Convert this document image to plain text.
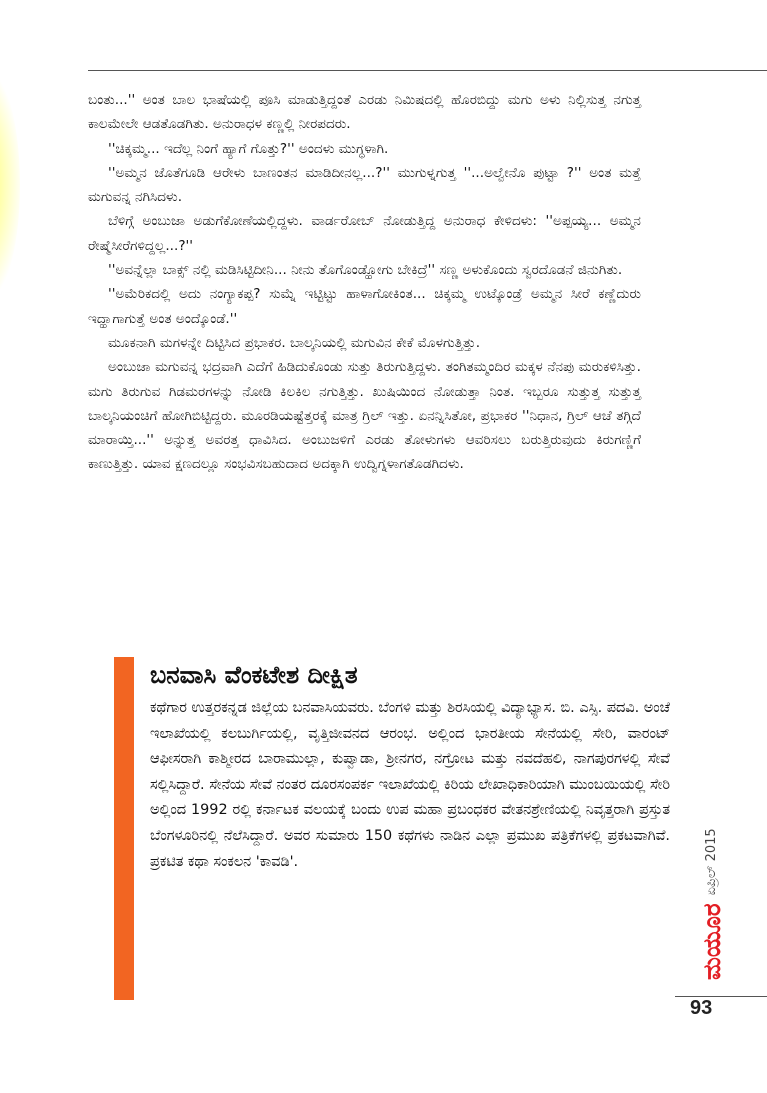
ಬಂತು...'' ಅಂತ ಬಾಲ ಭಾಷೆಯಲ್ಲಿ ಪೂಸಿ ಮಾಡುತ್ತಿದ್ದಂತೆ ಎರಡು ನಿಮಿಷದಲ್ಲಿ ಹೊರಬಿದ್ದು ಮಗು ಅಳು ನಿಲ್ಲಿಸುತ್ತ ನಗುತ್ತ ಕಾಲಮೇಲೇ ಆಡತೊಡಗಿತು. ಅನುರಾಧಳ ಕಣ್ಣಲ್ಲಿ ನೀರಪದರು.

''ಚಿಕ್ಕಮ್ಮ... ಇದೆಲ್ಲ ನಿಂಗೆ ಹ್ಯಾಗೆ ಗೊತ್ತು?'' ಅಂದಳು ಮುಗ್ಧಳಾಗಿ.

''ಅಮ್ಮನ ಜೊತೆಗೂಡಿ ಆರೇಳು ಬಾಣಂತನ ಮಾಡಿದೀನಲ್ಲ...?'' ಮುಗುಳ್ನಗುತ್ತ ''...ಅಲ್ವೇನೊ ಪುಟ್ಟಾ ?'' ಅಂತ ಮತ್ತೆ ಮಗುವನ್ನ ನಗಿಸಿದಳು.

ಬೆಳಿಗ್ಗೆ ಅಂಬುಜಾ ಅಡುಗೆಕೋಣೆಯಲ್ಲಿದ್ದಳು. ವಾರ್ಡರೋಬ್ ನೋಡುತ್ತಿದ್ದ ಅನುರಾಧ ಕೇಳಿದಳು: ''ಅಪ್ಪಯ್ಯ... ಅಮ್ಮನ ರೇಷ್ಮೆಸೀರೆಗಳಿದ್ದಲ್ಲ...?''

''ಅವನ್ನೆಲ್ಲಾ ಬಾಕ್ಸ್ ನಲ್ಲಿ ಮಡಿಸಿಟ್ಟಿದೀನಿ... ನೀನು ತೊಗೊಂಡ್ಹೋಗು ಬೇಕಿದ್ರೆ'' ಸಣ್ಣ ಅಳುಕೊಂದು ಸ್ವರದೊಡನೆ ಜಿನುಗಿತು.

''ಅಮೆರಿಕದಲ್ಲಿ ಅದು ನಂಗ್ಯಾಕಪ್ಪ? ಸುಮ್ನೆ ಇಟ್ಟಿಟ್ಟು ಹಾಳಾಗೋಕಿಂತ... ಚಿಕ್ಕಮ್ಮ ಉಟ್ಕೊಂಡ್ರೆ ಅಮ್ಮನ ಸೀರೆ ಕಣ್ಣೆದುರು ಇದ್ಹಾಗಾಗುತ್ತೆ ಅಂತ ಅಂದ್ಕೊಂಡೆ.''

ಮೂಕನಾಗಿ ಮಗಳನ್ನೇ ದಿಟ್ಟಿಸಿದ ಪ್ರಭಾಕರ. ಬಾಲ್ಕನಿಯಲ್ಲಿ ಮಗುವಿನ ಕೇಕೆ ಮೊಳಗುತ್ತಿತ್ತು.

ಅಂಬುಜಾ ಮಗುವನ್ನ ಭದ್ರವಾಗಿ ಎದೆಗೆ ಹಿಡಿದುಕೊಂಡು ಸುತ್ತು ತಿರುಗುತ್ತಿದ್ದಳು. ತಂಗಿತಮ್ಮಂದಿರ ಮಕ್ಕಳ ನೆನಪು ಮರುಕಳಿಸಿತ್ತು. ಮಗು ತಿರುಗುವ ಗಿಡಮರಗಳನ್ನು ನೋಡಿ ಕಿಲಕಿಲ ನಗುತ್ತಿತ್ತು. ಖುಷಿಯಿಂದ ನೋಡುತ್ತಾ ನಿಂತ. ಇಬ್ಬರೂ ಸುತ್ತುತ್ತ ಸುತ್ತುತ್ತ ಬಾಲ್ಕನಿಯಂಚಿಗೆ ಹೋಗಿಬಿಟ್ಟಿದ್ದರು. ಮೂರಡಿಯಷ್ಟೆತ್ತರಕ್ಕೆ ಮಾತ್ರ ಗ್ರಿಲ್ ಇತ್ತು. ಏನನ್ನಿಸಿತೋ, ಪ್ರಭಾಕರ ''ನಿಧಾನ, ಗ್ರಿಲ್ ಆಚೆ ತಗ್ಗಿದೆ ಮಾರಾಯ್ತಿ...'' ಅನ್ನುತ್ತ ಅವರತ್ತ ಧಾವಿಸಿದ. ಅಂಬುಜಳಿಗೆ ಎರಡು ತೋಳುಗಳು ಆವರಿಸಲು ಬರುತ್ತಿರುವುದು ಕಿರುಗಣ್ಣಿಗೆ ಕಾಣುತ್ತಿತ್ತು. ಯಾವ ಕ್ಷಣದಲ್ಲೂ ಸಂಭವಿಸಬಹುದಾದ ಅದಕ್ಕಾಗಿ ಉದ್ವಿಗ್ನಳಾಗತೊಡಗಿದಳು.

ಬನವಾಸಿ ವೆಂಕಟೇಶ ದೀಕ್ಷಿತ

ಕಥೆಗಾರ ಉತ್ತರಕನ್ನಡ ಜಿಲ್ಲೆಯ ಬನವಾಸಿಯವರು. ಬೆಂಗಳಿ ಮತ್ತು ಶಿರಸಿಯಲ್ಲಿ ವಿದ್ಯಾಭ್ಯಾಸ. ಬಿ. ಎಸ್ಸಿ. ಪದವಿ. ಅಂಚೆ ಇಲಾಖೆಯಲ್ಲಿ ಕಲಬುರ್ಗಿಯಲ್ಲಿ, ವೃತ್ತಿಜೀವನದ ಆರಂಭ. ಅಲ್ಲಿಂದ ಭಾರತೀಯ ಸೇನೆಯಲ್ಲಿ ಸೇರಿ, ವಾರಂಟ್ ಆಫೀಸರಾಗಿ ಕಾಶ್ಮೀರದ ಬಾರಾಮುಲ್ಲಾ, ಕುಪ್ವಾಡಾ, ಶ್ರೀನಗರ, ನಗ್ರೋಟ ಮತ್ತು ನವದೆಹಲಿ, ನಾಗಪುರಗಳಲ್ಲಿ ಸೇವೆ ಸಲ್ಲಿಸಿದ್ದಾರೆ. ಸೇನೆಯ ಸೇವೆ ನಂತರ ದೂರಸಂಪರ್ಕ ಇಲಾಖೆಯಲ್ಲಿ ಕಿರಿಯ ಲೇಖಾಧಿಕಾರಿಯಾಗಿ ಮುಂಬಯಿಯಲ್ಲಿ ಸೇರಿ ಅಲ್ಲಿಂದ 1992 ರಲ್ಲಿ ಕರ್ನಾಟಕ ವಲಯಕ್ಕೆ ಬಂದು ಉಪ ಮಹಾ ಪ್ರಬಂಧಕರ ವೇತನಶ್ರೇಣಿಯಲ್ಲಿ ನಿವೃತ್ತರಾಗಿ ಪ್ರಸ್ತುತ ಬೆಂಗಳೂರಿನಲ್ಲಿ ನೆಲೆಸಿದ್ದಾರೆ. ಅವರ ಸುಮಾರು 150 ಕಥೆಗಳು ನಾಡಿನ ಎಲ್ಲಾ ಪ್ರಮುಖ ಪತ್ರಿಕೆಗಳಲ್ಲಿ ಪ್ರಕಟವಾಗಿವೆ. ಪ್ರಕಟಿತ ಕಥಾ ಸಂಕಲನ 'ಕಾವಡಿ'.

ಮಯೂರ
ಏಪ್ರಿಲ್ 2015
93
